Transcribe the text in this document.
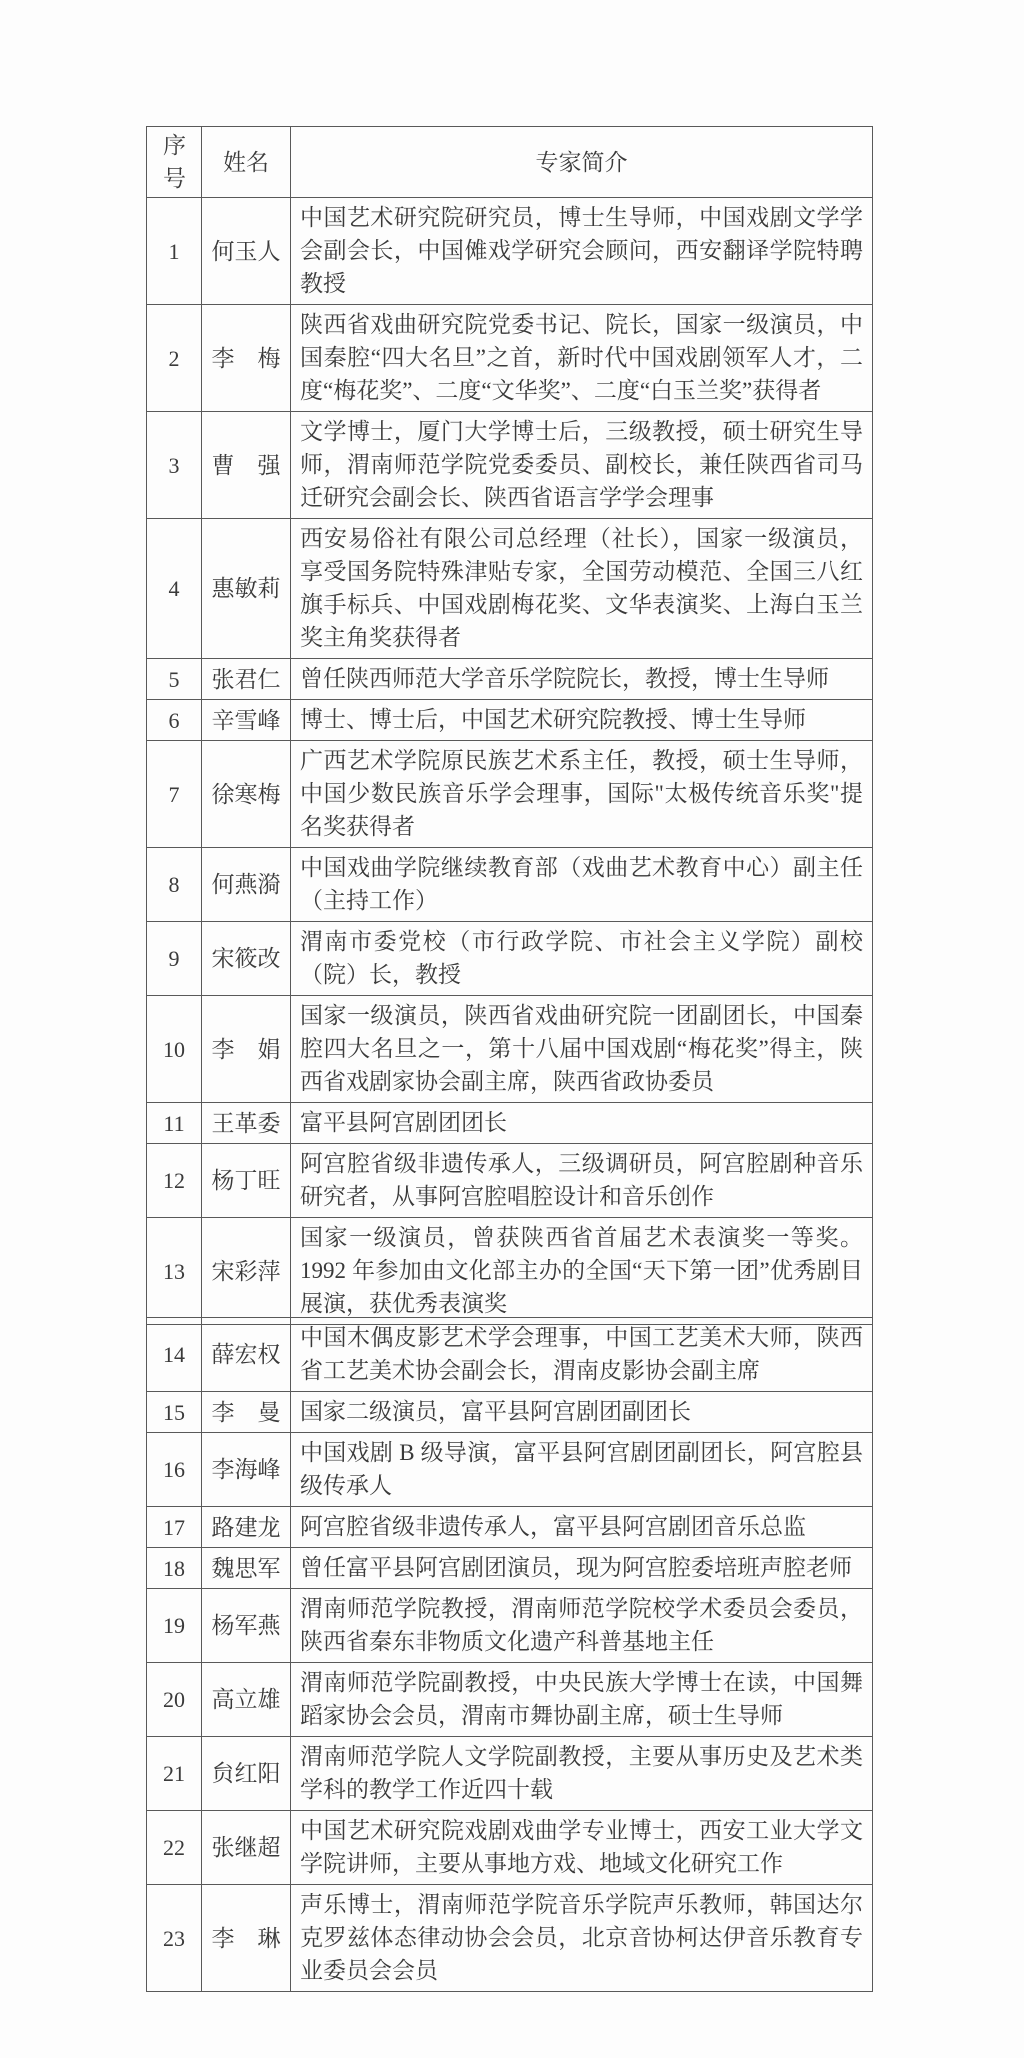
序号	姓名	专家简介
1	何玉人	中国艺术研究院研究员，博士生导师，中国戏剧文学学会副会长，中国傩戏学研究会顾问，西安翻译学院特聘教授
2	李　梅	陕西省戏曲研究院党委书记、院长，国家一级演员，中国秦腔“四大名旦”之首，新时代中国戏剧领军人才，二度“梅花奖”、二度“文华奖”、二度“白玉兰奖”获得者
3	曹　强	文学博士，厦门大学博士后，三级教授，硕士研究生导师，渭南师范学院党委委员、副校长，兼任陕西省司马迁研究会副会长、陕西省语言学学会理事
4	惠敏莉	西安易俗社有限公司总经理（社长），国家一级演员，享受国务院特殊津贴专家，全国劳动模范、全国三八红旗手标兵、中国戏剧梅花奖、文华表演奖、上海白玉兰奖主角奖获得者
5	张君仁	曾任陕西师范大学音乐学院院长，教授，博士生导师
6	辛雪峰	博士、博士后，中国艺术研究院教授、博士生导师
7	徐寒梅	广西艺术学院原民族艺术系主任，教授，硕士生导师，中国少数民族音乐学会理事，国际"太极传统音乐奖"提名奖获得者
8	何燕漪	中国戏曲学院继续教育部（戏曲艺术教育中心）副主任（主持工作）
9	宋筱改	渭南市委党校（市行政学院、市社会主义学院）副校（院）长，教授
10	李　娟	国家一级演员，陕西省戏曲研究院一团副团长，中国秦腔四大名旦之一，第十八届中国戏剧“梅花奖”得主，陕西省戏剧家协会副主席，陕西省政协委员
11	王革委	富平县阿宫剧团团长
12	杨丁旺	阿宫腔省级非遗传承人，三级调研员，阿宫腔剧种音乐研究者，从事阿宫腔唱腔设计和音乐创作
13	宋彩萍	国家一级演员，曾获陕西省首届艺术表演奖一等奖。1992 年参加由文化部主办的全国“天下第一团”优秀剧目展演，获优秀表演奖
14	薛宏权	中国木偶皮影艺术学会理事，中国工艺美术大师，陕西省工艺美术协会副会长，渭南皮影协会副主席
15	李　曼	国家二级演员，富平县阿宫剧团副团长
16	李海峰	中国戏剧 B 级导演，富平县阿宫剧团副团长，阿宫腔县级传承人
17	路建龙	阿宫腔省级非遗传承人，富平县阿宫剧团音乐总监
18	魏思军	曾任富平县阿宫剧团演员，现为阿宫腔委培班声腔老师
19	杨军燕	渭南师范学院教授，渭南师范学院校学术委员会委员，陕西省秦东非物质文化遗产科普基地主任
20	高立雄	渭南师范学院副教授，中央民族大学博士在读，中国舞蹈家协会会员，渭南市舞协副主席，硕士生导师
21	贠红阳	渭南师范学院人文学院副教授，主要从事历史及艺术类学科的教学工作近四十载
22	张继超	中国艺术研究院戏剧戏曲学专业博士，西安工业大学文学院讲师，主要从事地方戏、地域文化研究工作
23	李　琳	声乐博士，渭南师范学院音乐学院声乐教师，韩国达尔克罗兹体态律动协会会员，北京音协柯达伊音乐教育专业委员会会员
